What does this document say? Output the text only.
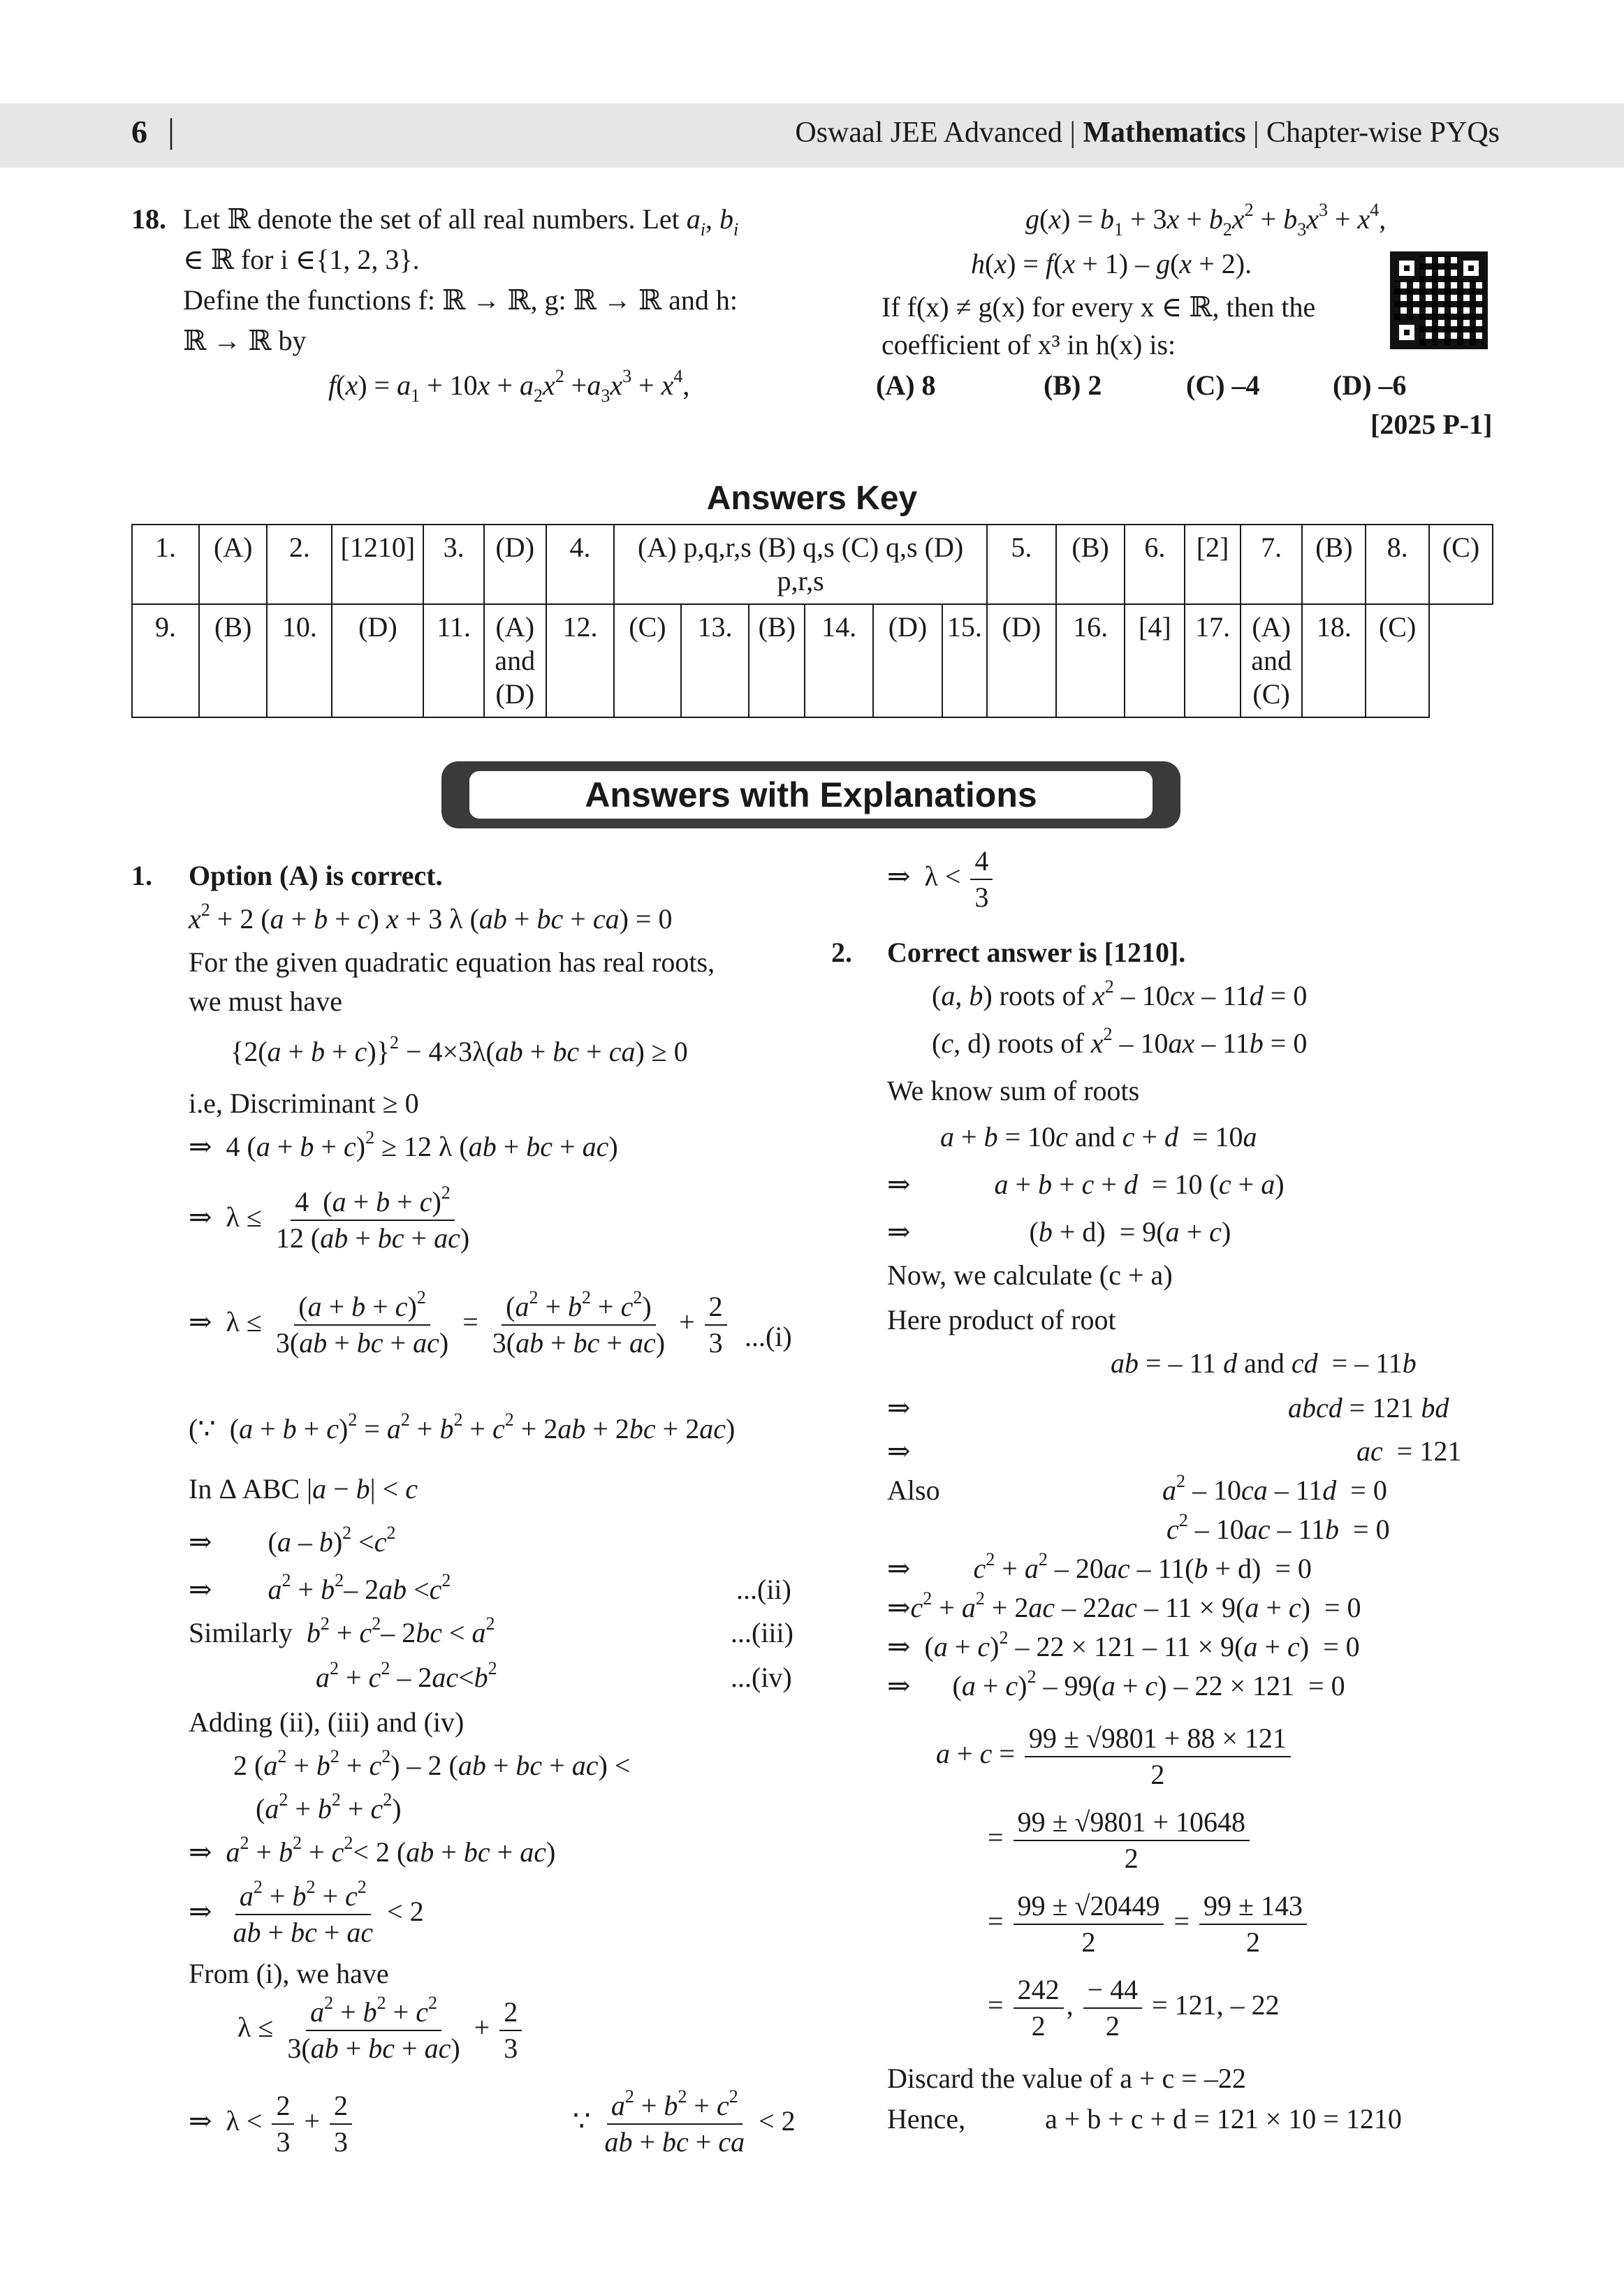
6 |	Oswaal JEE Advanced | Mathematics | Chapter-wise PYQs
18. Let ℝ denote the set of all real numbers. Let $a_i$, $b_i$
∈ ℝ for i ∈{1, 2, 3}.
Define the functions f: ℝ → ℝ, g: ℝ → ℝ and h:
ℝ → ℝ by
$f(x) = a_1 + 10x + a_2x^2 +a_3x^3 + x^4$,
$g(x) = b_1 + 3x + b_2x^2 + b_3x^3 + x^4$,
h(x) = f(x + 1) – g(x + 2).
If f(x) ≠ g(x) for every x ∈ ℝ, then the
coefficient of x³ in h(x) is:
(A) 8	(B) 2	(C) –4	(D) –6
[2025 P-1]
Answers Key
1.	(A)	2.	[1210]	3.	(D)	4.	(A) p,q,r,s (B) q,s (C) q,s (D) p,r,s						5.	(B)	6.	[2]	7.	(B)	8.	(C)
9.	(B)	10.	(D)	11.	(A) and (D)	12.	(C)	13.	(B)	14.	(D)	15.	(D)	16.	[4]	17.	(A) and (C)	18.	(C)	
Answers with Explanations
1. Option (A) is correct.
$x^2 + 2$ (a + b + c) x + 3 λ (ab + bc + ca) = 0
For the given quadratic equation has real roots,
we must have
$\{2(a + b + c)\}^2 - 4\times 3\lambda(ab$ + bc + ca) ≥ 0
i.e, Discriminant ≥ 0
⇒  4 $(a + b + c)^2 \ge 12$ λ (ab + bc + ac)
⇒  $\lambda \le \frac{4 (a + b + c)^2}{12 (ab + bc + ac)}$
⇒  $\lambda \le \frac{(a + b + c)^2}{3(ab + bc + ac)} = \frac{(a^2 + b^2 + c^2)}{3(ab + bc + ac)} + \frac{2}{3} ...(i)$
(∵  $(a + b + c)^2 = a^2 + b^2 + c^2 + 2ab + 2bc + 2ac$)
In Δ ABC |a − b| < c
⇒        $(a - b)^2 <c^2$
⇒        $a^2 + b^2-$ $2ab <c^2$	...(ii)
Similarly $b^2 + c^2-$ $2bc < a^2$	...(iii)
$a^2 + c^2 - 2ac<b^2$	...(iv)
Adding (ii), (iii) and (iv)
2 $(a^2 + b^2 + c^2) - 2$ (ab + bc + ac) <
$(a^2 + b^2 + c^2)$
⇒  $a^2 + b^2 + c^2< 2$ (ab + bc + ac)
⇒ $\frac{a^2 + b^2 + c^2}{ab + bc + ac} < 2$
From (i), we have
$\lambda \le \frac{a^2 + b^2 + c^2}{3(ab + bc + ac)} + \frac{2}{3}$
⇒  $\lambda < \frac{2}{3} + \frac{2}{3}$	∵ $\frac{a^2 + b^2 + c^2}{ab + bc + ca} < 2$
⇒  $\lambda < \frac{4}{3}$
2. Correct answer is [1210].
(a, b) roots of $x^2 - 10cx - 11d = 0$
(c, d) roots of $x^2 - 10ax - 11b = 0$
We know sum of roots
a + b = 10c and c + d  = 10a
⇒            a + b + c + d  = 10 (c + a)
⇒                 (b + d)  = 9(a + c)
Now, we calculate (c + a)
Here product of root
ab = – 11 d and cd  = – 11b
⇒	abcd = 121 bd
⇒	ac  = 121
Also	$a^2 - 10ca - 11d = 0$
$c^2 - 10ac - 11b = 0$
⇒         $c^2 + a^2 - 20ac - 11(b + d) = 0$
$\Rightarrow c^2 + a^2 + 2ac - 22ac - 11 \times 9(a + c) = 0$
⇒  $(a + c)^2 - 22 \times 121 - 11 \times 9(a + c) = 0$
⇒      $(a + c)^2 - 99(a + c) - 22 \times 121 = 0$
$a + c = \frac{99 \pm √9801 + 88 \times 121}{2}$
= $\frac{99 \pm √9801 + 10648}{2}$
= $\frac{99 \pm √20449}{2} = \frac{99 \pm 143}{2}$
= $\frac{242}{2}$ , $\frac{- 44}{2} = 121$, – 22
Discard the value of a + c = –22
Hence,	a + b + c + d = 121 × 10 = 1210
